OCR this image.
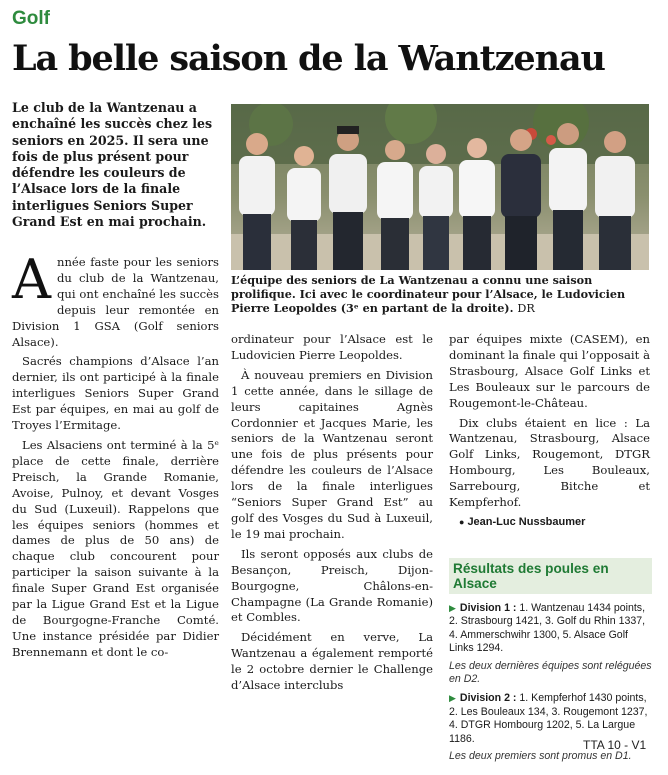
Golf
La belle saison de la Wantzenau
Le club de la Wantzenau a enchaîné les succès chez les seniors en 2025. Il sera une fois de plus présent pour défendre les couleurs de l’Alsace lors de la finale interligues Seniors Super Grand Est en mai prochain.
L’équipe des seniors de La Wantzenau a connu une saison prolifique. Ici avec le coordinateur pour l’Alsace, le Ludovicien Pierre Leopoldes (3ᵉ en partant de la droite). DR

Année faste pour les seniors du club de la Wantzenau, qui ont enchaîné les succès depuis leur remontée en Division 1 GSA (Golf seniors Alsace).

Sacrés champions d’Alsace l’an dernier, ils ont participé à la finale interligues Seniors Super Grand Est par équipes, en mai au golf de Troyes l’Ermitage.

Les Alsaciens ont terminé à la 5ᵉ place de cette finale, derrière Preisch, la Grande Romanie, Avoise, Pulnoy, et devant Vosges du Sud (Luxeuil). Rappelons que les équipes seniors (hommes et dames de plus de 50 ans) de chaque club concourent pour participer la saison suivante à la finale Super Grand Est organisée par la Ligue Grand Est et la Ligue de Bourgogne-Franche Comté. Une instance présidée par Didier Brennemann et dont le co-

ordinateur pour l’Alsace est le Ludovicien Pierre Leopoldes.

À nouveau premiers en Division 1 cette année, dans le sillage de leurs capitaines Agnès Cordonnier et Jacques Marie, les seniors de la Wantzenau seront une fois de plus présents pour défendre les couleurs de l’Alsace lors de la finale interligues “Seniors Super Grand Est” au golf des Vosges du Sud à Luxeuil, le 19 mai prochain.

Ils seront opposés aux clubs de Besançon, Preisch, Dijon-Bourgogne, Châlons-en-Champagne (La Grande Romanie) et Combles.

Décidément en verve, La Wantzenau a également remporté le 2 octobre dernier le Challenge d’Alsace interclubs

par équipes mixte (CASEM), en dominant la finale qui l’opposait à Strasbourg, Alsace Golf Links et Les Bouleaux sur le parcours de Rougemont-le-Château.

Dix clubs étaient en lice : La Wantzenau, Strasbourg, Alsace Golf Links, Rougemont, DTGR Hombourg, Les Bouleaux, Sarrebourg, Bitche et Kempferhof.

● Jean-Luc Nussbaumer

Résultats des poules en Alsace
▶ Division 1 : 1. Wantzenau 1434 points, 2. Strasbourg 1421, 3. Golf du Rhin 1337, 4. Ammerschwihr 1300, 5. Alsace Golf Links 1294.
Les deux dernières équipes sont reléguées en D2.
▶ Division 2 : 1. Kempferhof 1430 points, 2. Les Bouleaux 134, 3. Rougemont 1237, 4. DTGR Hombourg 1202, 5. La Largue 1186.
Les deux premiers sont promus en D1.
TTA 10 - V1
